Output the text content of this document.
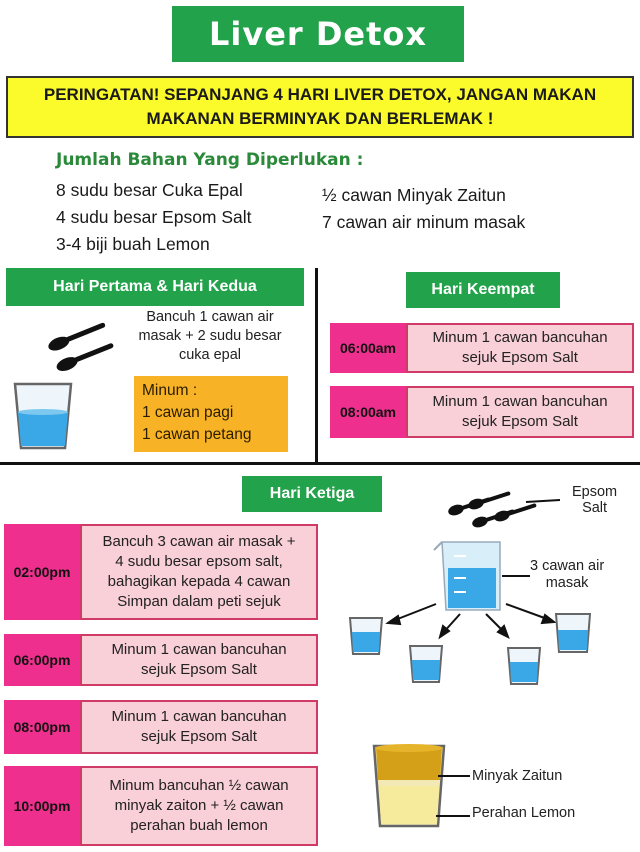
Liver Detox
PERINGATAN! SEPANJANG 4 HARI LIVER DETOX, JANGAN MAKAN
MAKANAN BERMINYAK DAN BERLEMAK !
Jumlah Bahan Yang Diperlukan :
8 sudu besar Cuka Epal
4 sudu besar Epsom Salt
3-4 biji buah Lemon
½ cawan Minyak Zaitun
7 cawan air minum masak
Hari Pertama & Hari Kedua
Bancuh 1 cawan air
masak + 2 sudu besar
cuka epal
Minum :
1 cawan pagi
1 cawan petang
Hari Keempat
06:00am
Minum 1 cawan bancuhan
sejuk Epsom Salt
08:00am
Minum 1 cawan bancuhan
sejuk Epsom Salt
Hari Ketiga
02:00pm
Bancuh 3 cawan air masak +
4 sudu besar epsom salt,
bahagikan kepada 4 cawan
Simpan dalam peti sejuk
06:00pm
Minum 1 cawan bancuhan
sejuk Epsom Salt
08:00pm
Minum 1 cawan bancuhan
sejuk Epsom Salt
10:00pm
Minum bancuhan ½ cawan
minyak zaiton + ½ cawan
perahan buah lemon
Epsom
Salt
3 cawan air
masak
Minyak Zaitun
Perahan Lemon
